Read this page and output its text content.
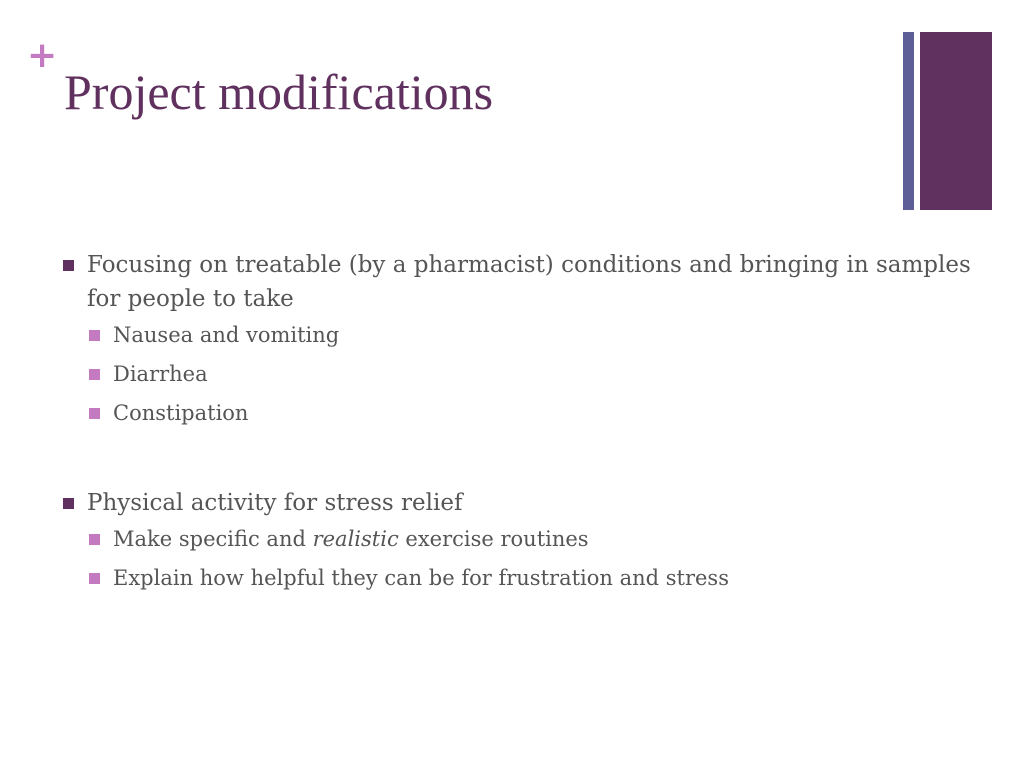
+
Project modifications
Focusing on treatable (by a pharmacist) conditions and bringing in samples for people to take
Nausea and vomiting
Diarrhea
Constipation
Physical activity for stress relief
Make specific and realistic exercise routines
Explain how helpful they can be for frustration and stress
